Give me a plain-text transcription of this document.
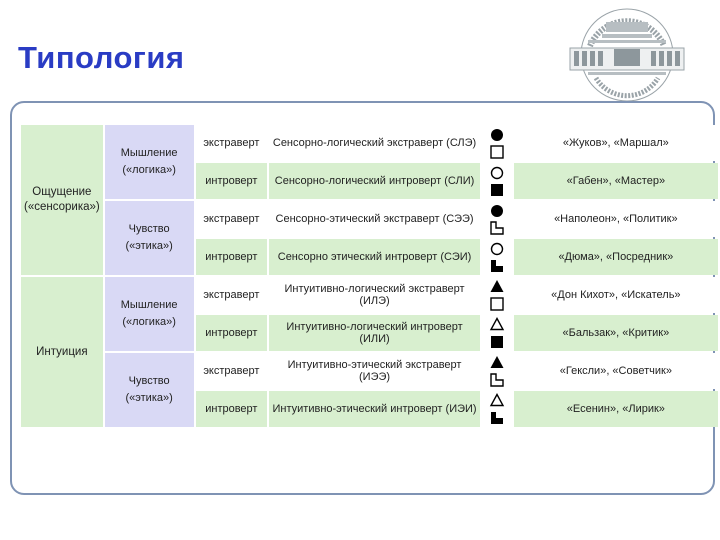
Типология
Ощущение («сенсорика»)	Мышление («логика»)	экстраверт	Сенсорно-логический экстраверт (СЛЭ)		«Жуков», «Маршал»
		интроверт	Сенсорно-логический интроверт (СЛИ)		«Габен», «Мастер»
	Чувство («этика»)	экстраверт	Сенсорно-этический экстраверт (СЭЭ)		«Наполеон», «Политик»
		интроверт	Сенсорно этический интроверт (СЭИ)		«Дюма», «Посредник»
Интуиция	Мышление («логика»)	экстраверт	Интуитивно-логический экстраверт (ИЛЭ)		«Дон Кихот», «Искатель»
		интроверт	Интуитивно-логический интроверт (ИЛИ)		«Бальзак», «Критик»
	Чувство («этика»)	экстраверт	Интуитивно-этический экстраверт (ИЭЭ)		«Гексли», «Советчик»
		интроверт	Интуитивно-этический интроверт (ИЭИ)		«Есенин», «Лирик»
